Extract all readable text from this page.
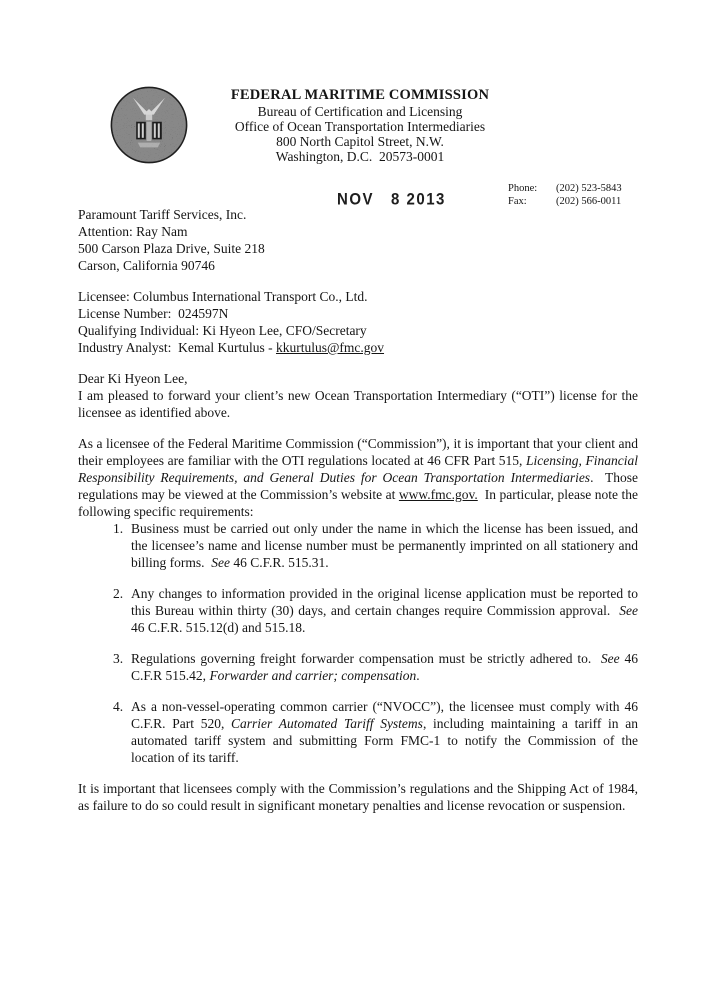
FEDERAL MARITIME COMMISSION

Bureau of Certification and Licensing

Office of Ocean Transportation Intermediaries

800 North Capitol Street, N.W.

Washington, D.C.  20573-0001

NOV   8 2013
Phone:	(202) 523-5843
Fax:	(202) 566-0011

Paramount Tariff Services, Inc.

Attention: Ray Nam

500 Carson Plaza Drive, Suite 218

Carson, California 90746

Licensee: Columbus International Transport Co., Ltd.

License Number:  024597N

Qualifying Individual: Ki Hyeon Lee, CFO/Secretary

Industry Analyst:  Kemal Kurtulus - kkurtulus@fmc.gov

Dear Ki Hyeon Lee,

I am pleased to forward your client’s new Ocean Transportation Intermediary (“OTI”) license for the licensee as identified above.

As a licensee of the Federal Maritime Commission (“Commission”), it is important that your client and their employees are familiar with the OTI regulations located at 46 CFR Part 515, Licensing, Financial Responsibility Requirements, and General Duties for Ocean Transportation Intermediaries.  Those regulations may be viewed at the Commission’s website at www.fmc.gov.  In particular, please note the following specific requirements:

1. Business must be carried out only under the name in which the license has been issued, and the licensee’s name and license number must be permanently imprinted on all stationery and billing forms.  See 46 C.F.R. 515.31.
2. Any changes to information provided in the original license application must be reported to this Bureau within thirty (30) days, and certain changes require Commission approval.  See 46 C.F.R. 515.12(d) and 515.18.
3. Regulations governing freight forwarder compensation must be strictly adhered to.  See 46 C.F.R 515.42, Forwarder and carrier; compensation.
4. As a non-vessel-operating common carrier (“NVOCC”), the licensee must comply with 46 C.F.R. Part 520, Carrier Automated Tariff Systems, including maintaining a tariff in an automated tariff system and submitting Form FMC-1 to notify the Commission of the location of its tariff.

It is important that licensees comply with the Commission’s regulations and the Shipping Act of 1984, as failure to do so could result in significant monetary penalties and license revocation or suspension.
